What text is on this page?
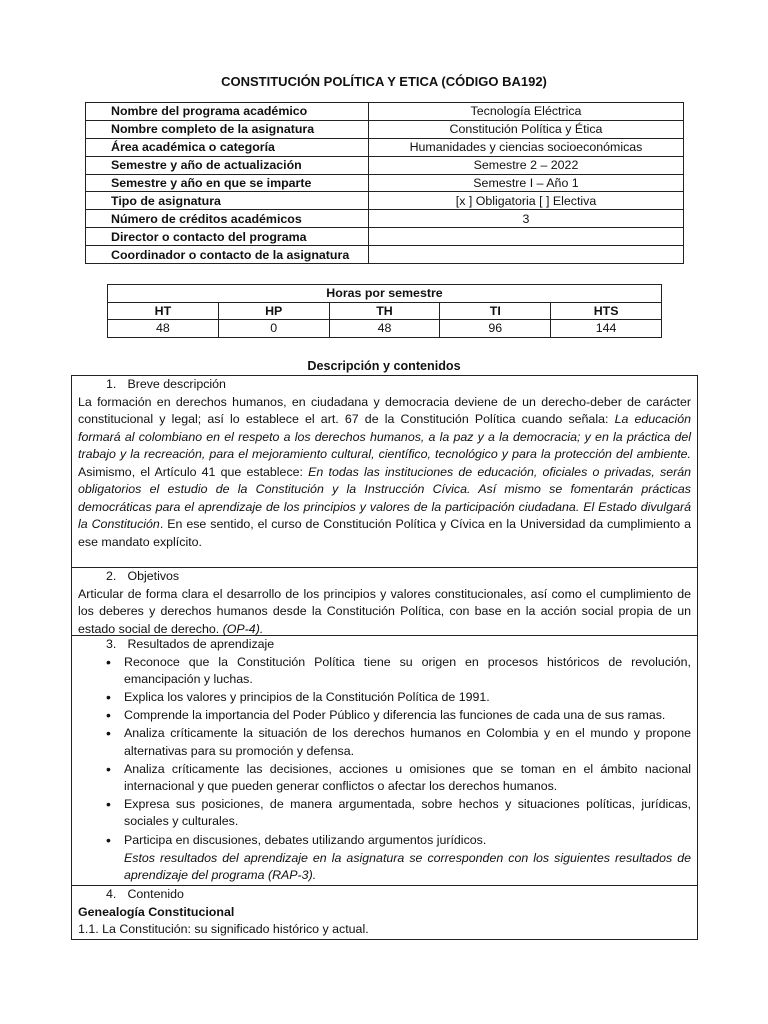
CONSTITUCIÓN POLÍTICA Y ETICA (CÓDIGO BA192)
Nombre del programa académico	Tecnología Eléctrica
Nombre completo de la asignatura	Constitución Política y Ética
Área académica o categoría	Humanidades y ciencias socioeconómicas
Semestre y año de actualización	Semestre 2 – 2022
Semestre y año en que se imparte	Semestre I – Año 1
Tipo de asignatura	[x ] Obligatoria [ ] Electiva
Número de créditos académicos	3
Director o contacto del programa	
Coordinador o contacto de la asignatura	
Horas por semestre				
HT	HP	TH	TI	HTS
48	0	48	96	144
Descripción y contenidos
1. Breve descripción
La formación en derechos humanos, en ciudadana y democracia deviene de un derecho-deber de carácter constitucional y legal; así lo establece el art. 67 de la Constitución Política cuando señala: La educación formará al colombiano en el respeto a los derechos humanos, a la paz y a la democracia; y en la práctica del trabajo y la recreación, para el mejoramiento cultural, científico, tecnológico y para la protección del ambiente. Asimismo, el Artículo 41 que establece: En todas las instituciones de educación, oficiales o privadas, serán obligatorios el estudio de la Constitución y la Instrucción Cívica. Así mismo se fomentarán prácticas democráticas para el aprendizaje de los principios y valores de la participación ciudadana. El Estado divulgará la Constitución. En ese sentido, el curso de Constitución Política y Cívica en la Universidad da cumplimiento a ese mandato explícito.
2. Objetivos
Articular de forma clara el desarrollo de los principios y valores constitucionales, así como el cumplimiento de los deberes y derechos humanos desde la Constitución Política, con base en la acción social propia de un estado social de derecho. (OP-4).
3. Resultados de aprendizaje
• Reconoce que la Constitución Política tiene su origen en procesos históricos de revolución, emancipación y luchas.
• Explica los valores y principios de la Constitución Política de 1991.
• Comprende la importancia del Poder Público y diferencia las funciones de cada una de sus ramas.
• Analiza críticamente la situación de los derechos humanos en Colombia y en el mundo y propone alternativas para su promoción y defensa.
• Analiza críticamente las decisiones, acciones u omisiones que se toman en el ámbito nacional internacional y que pueden generar conflictos o afectar los derechos humanos.
• Expresa sus posiciones, de manera argumentada, sobre hechos y situaciones políticas, jurídicas, sociales y culturales.
• Participa en discusiones, debates utilizando argumentos jurídicos.
Estos resultados del aprendizaje en la asignatura se corresponden con los siguientes resultados de aprendizaje del programa (RAP-3).
4. Contenido
Genealogía Constitucional
1.1. La Constitución: su significado histórico y actual.
